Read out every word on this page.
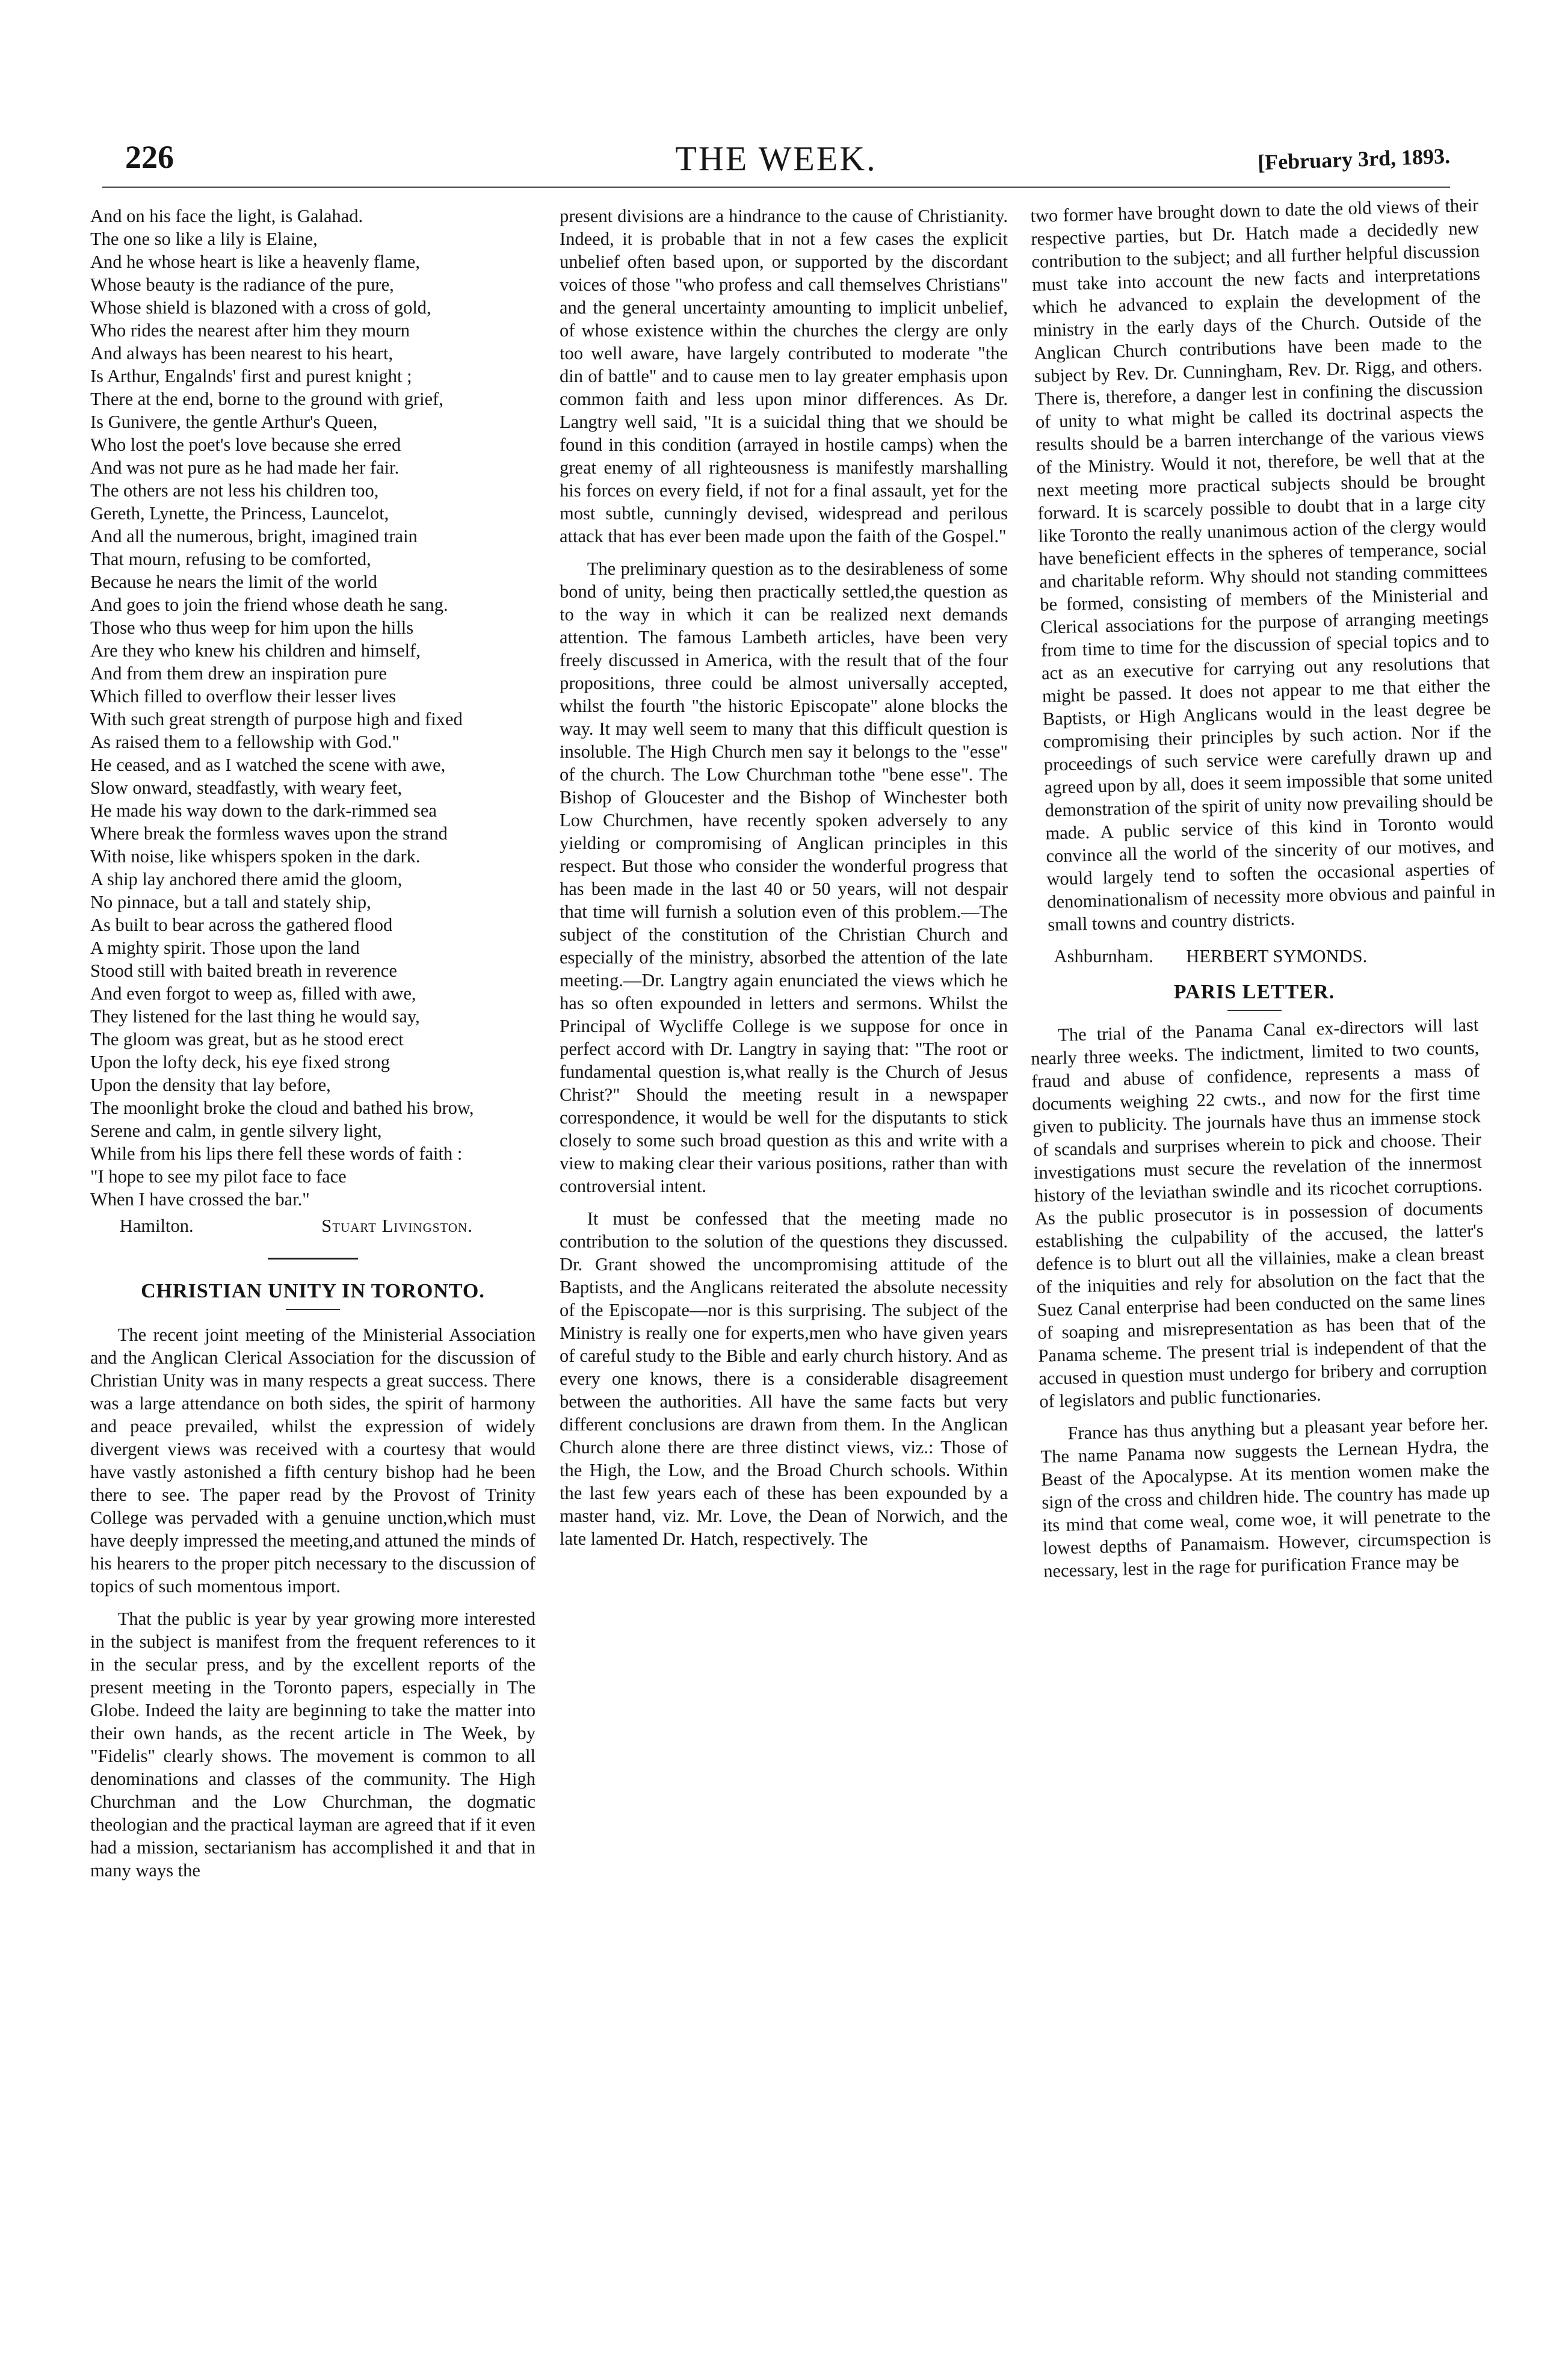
226	THE WEEK.	[February 3rd, 1893.

And on his face the light, is Galahad.

The one so like a lily is Elaine,

And he whose heart is like a heavenly flame,

Whose beauty is the radiance of the pure,

Whose shield is blazoned with a cross of gold,

Who rides the nearest after him they mourn

And always has been nearest to his heart,

Is Arthur, Engalnds' first and purest knight ;

There at the end, borne to the ground with grief,

Is Gunivere, the gentle Arthur's Queen,

Who lost the poet's love because she erred

And was not pure as he had made her fair.

The others are not less his children too,

Gereth, Lynette, the Princess, Launcelot,

And all the numerous, bright, imagined train

That mourn, refusing to be comforted,

Because he nears the limit of the world

And goes to join the friend whose death he sang.

Those who thus weep for him upon the hills

Are they who knew his children and himself,

And from them drew an inspiration pure

Which filled to overflow their lesser lives

With such great strength of purpose high and fixed

As raised them to a fellowship with God."

He ceased, and as I watched the scene with awe,

Slow onward, steadfastly, with weary feet,

He made his way down to the dark-rimmed sea

Where break the formless waves upon the strand

With noise, like whispers spoken in the dark.

A ship lay anchored there amid the gloom,

No pinnace, but a tall and stately ship,

As built to bear across the gathered flood

A mighty spirit. Those upon the land

Stood still with baited breath in reverence

And even forgot to weep as, filled with awe,

They listened for the last thing he would say,

The gloom was great, but as he stood erect

Upon the lofty deck, his eye fixed strong

Upon the density that lay before,

The moonlight broke the cloud and bathed his brow,

Serene and calm, in gentle silvery light,

While from his lips there fell these words of faith :

"I hope to see my pilot face to face

When I have crossed the bar."

Hamilton.	Stuart Livingston.

CHRISTIAN UNITY IN TORONTO.

The recent joint meeting of the Ministerial Association and the Anglican Clerical Association for the discussion of Christian Unity was in many respects a great success. There was a large attendance on both sides, the spirit of harmony and peace prevailed, whilst the expression of widely divergent views was received with a courtesy that would have vastly astonished a fifth century bishop had he been there to see. The paper read by the Provost of Trinity College was pervaded with a genuine unction,which must have deeply impressed the meeting,and attuned the minds of his hearers to the proper pitch necessary to the discussion of topics of such momentous import.

That the public is year by year growing more interested in the subject is manifest from the frequent references to it in the secular press, and by the excellent reports of the present meeting in the Toronto papers, especially in The Globe. Indeed the laity are beginning to take the matter into their own hands, as the recent article in The Week, by "Fidelis" clearly shows. The movement is common to all denominations and classes of the community. The High Churchman and the Low Churchman, the dogmatic theologian and the practical layman are agreed that if it even had a mission, sectarianism has accomplished it and that in many ways the

present divisions are a hindrance to the cause of Christianity. Indeed, it is probable that in not a few cases the explicit unbelief often based upon, or supported by the discordant voices of those "who profess and call themselves Christians" and the general uncertainty amounting to implicit unbelief, of whose existence within the churches the clergy are only too well aware, have largely contributed to moderate "the din of battle" and to cause men to lay greater emphasis upon common faith and less upon minor differences. As Dr. Langtry well said, "It is a suicidal thing that we should be found in this condition (arrayed in hostile camps) when the great enemy of all righteousness is manifestly marshalling his forces on every field, if not for a final assault, yet for the most subtle, cunningly devised, widespread and perilous attack that has ever been made upon the faith of the Gospel."

The preliminary question as to the desirableness of some bond of unity, being then practically settled,the question as to the way in which it can be realized next demands attention. The famous Lambeth articles, have been very freely discussed in America, with the result that of the four propositions, three could be almost universally accepted, whilst the fourth "the historic Episcopate" alone blocks the way. It may well seem to many that this difficult question is insoluble. The High Church men say it belongs to the "esse" of the church. The Low Churchman tothe "bene esse". The Bishop of Gloucester and the Bishop of Winchester both Low Churchmen, have recently spoken adversely to any yielding or compromising of Anglican principles in this respect. But those who consider the wonderful progress that has been made in the last 40 or 50 years, will not despair that time will furnish a solution even of this problem.—The subject of the constitution of the Christian Church and especially of the ministry, absorbed the attention of the late meeting.—Dr. Langtry again enunciated the views which he has so often expounded in letters and sermons. Whilst the Principal of Wycliffe College is we suppose for once in perfect accord with Dr. Langtry in saying that: "The root or fundamental question is,what really is the Church of Jesus Christ?" Should the meeting result in a newspaper correspondence, it would be well for the disputants to stick closely to some such broad question as this and write with a view to making clear their various positions, rather than with controversial intent.

It must be confessed that the meeting made no contribution to the solution of the questions they discussed. Dr. Grant showed the uncompromising attitude of the Baptists, and the Anglicans reiterated the absolute necessity of the Episcopate—nor is this surprising. The subject of the Ministry is really one for experts,men who have given years of careful study to the Bible and early church history. And as every one knows, there is a considerable disagreement between the authorities. All have the same facts but very different conclusions are drawn from them. In the Anglican Church alone there are three distinct views, viz.: Those of the High, the Low, and the Broad Church schools. Within the last few years each of these has been expounded by a master hand, viz. Mr. Love, the Dean of Norwich, and the late lamented Dr. Hatch, respectively. The

two former have brought down to date the old views of their respective parties, but Dr. Hatch made a decidedly new contribution to the subject; and all further helpful discussion must take into account the new facts and interpretations which he advanced to explain the development of the ministry in the early days of the Church. Outside of the Anglican Church contributions have been made to the subject by Rev. Dr. Cunningham, Rev. Dr. Rigg, and others. There is, therefore, a danger lest in confining the discussion of unity to what might be called its doctrinal aspects the results should be a barren interchange of the various views of the Ministry. Would it not, therefore, be well that at the next meeting more practical subjects should be brought forward. It is scarcely possible to doubt that in a large city like Toronto the really unanimous action of the clergy would have beneficient effects in the spheres of temperance, social and charitable reform. Why should not standing committees be formed, consisting of members of the Ministerial and Clerical associations for the purpose of arranging meetings from time to time for the discussion of special topics and to act as an executive for carrying out any resolutions that might be passed. It does not appear to me that either the Baptists, or High Anglicans would in the least degree be compromising their principles by such action. Nor if the proceedings of such service were carefully drawn up and agreed upon by all, does it seem impossible that some united demonstration of the spirit of unity now prevailing should be made. A public service of this kind in Toronto would convince all the world of the sincerity of our motives, and would largely tend to soften the occasional asperties of denominationalism of necessity more obvious and painful in small towns and country districts.

Ashburnham. HERBERT SYMONDS.
PARIS LETTER.

The trial of the Panama Canal ex-directors will last nearly three weeks. The indictment, limited to two counts, fraud and abuse of confidence, represents a mass of documents weighing 22 cwts., and now for the first time given to publicity. The journals have thus an immense stock of scandals and surprises wherein to pick and choose. Their investigations must secure the revelation of the innermost history of the leviathan swindle and its ricochet corruptions. As the public prosecutor is in possession of documents establishing the culpability of the accused, the latter's defence is to blurt out all the villainies, make a clean breast of the iniquities and rely for absolution on the fact that the Suez Canal enterprise had been conducted on the same lines of soaping and misrepresentation as has been that of the Panama scheme. The present trial is independent of that the accused in question must undergo for bribery and corruption of legislators and public functionaries.

France has thus anything but a pleasant year before her. The name Panama now suggests the Lernean Hydra, the Beast of the Apocalypse. At its mention women make the sign of the cross and children hide. The country has made up its mind that come weal, come woe, it will penetrate to the lowest depths of Panamaism. However, circumspection is necessary, lest in the rage for purification France may be
